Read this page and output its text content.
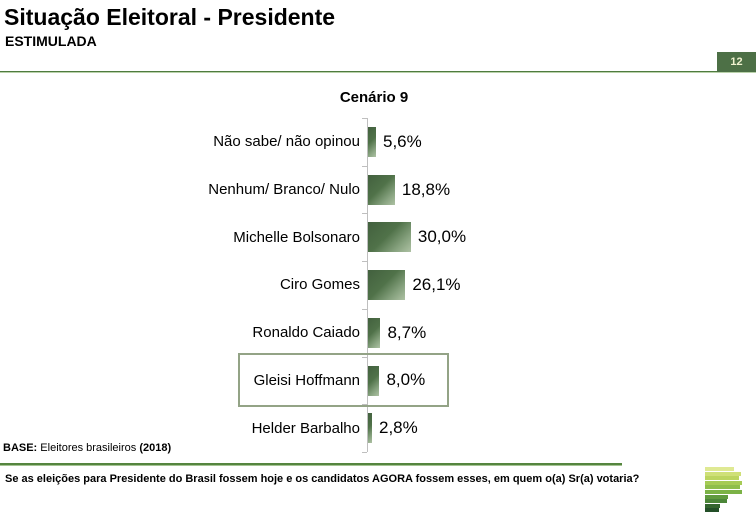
Situação Eleitoral - Presidente
ESTIMULADA
12
Cenário 9
Não sabe/ não opinou 5,6%
Nenhum/ Branco/ Nulo 18,8%
Michelle Bolsonaro	30,0%
Ciro Gomes	26,1%
Ronaldo Caiado 8,7%
Gleisi Hoffmann 8,0%
Helder Barbalho 2,8%
BASE: Eleitores brasileiros (2018)
Se as eleições para Presidente do Brasil fossem hoje e os candidatos AGORA fossem esses, em quem o(a) Sr(a) votaria?
